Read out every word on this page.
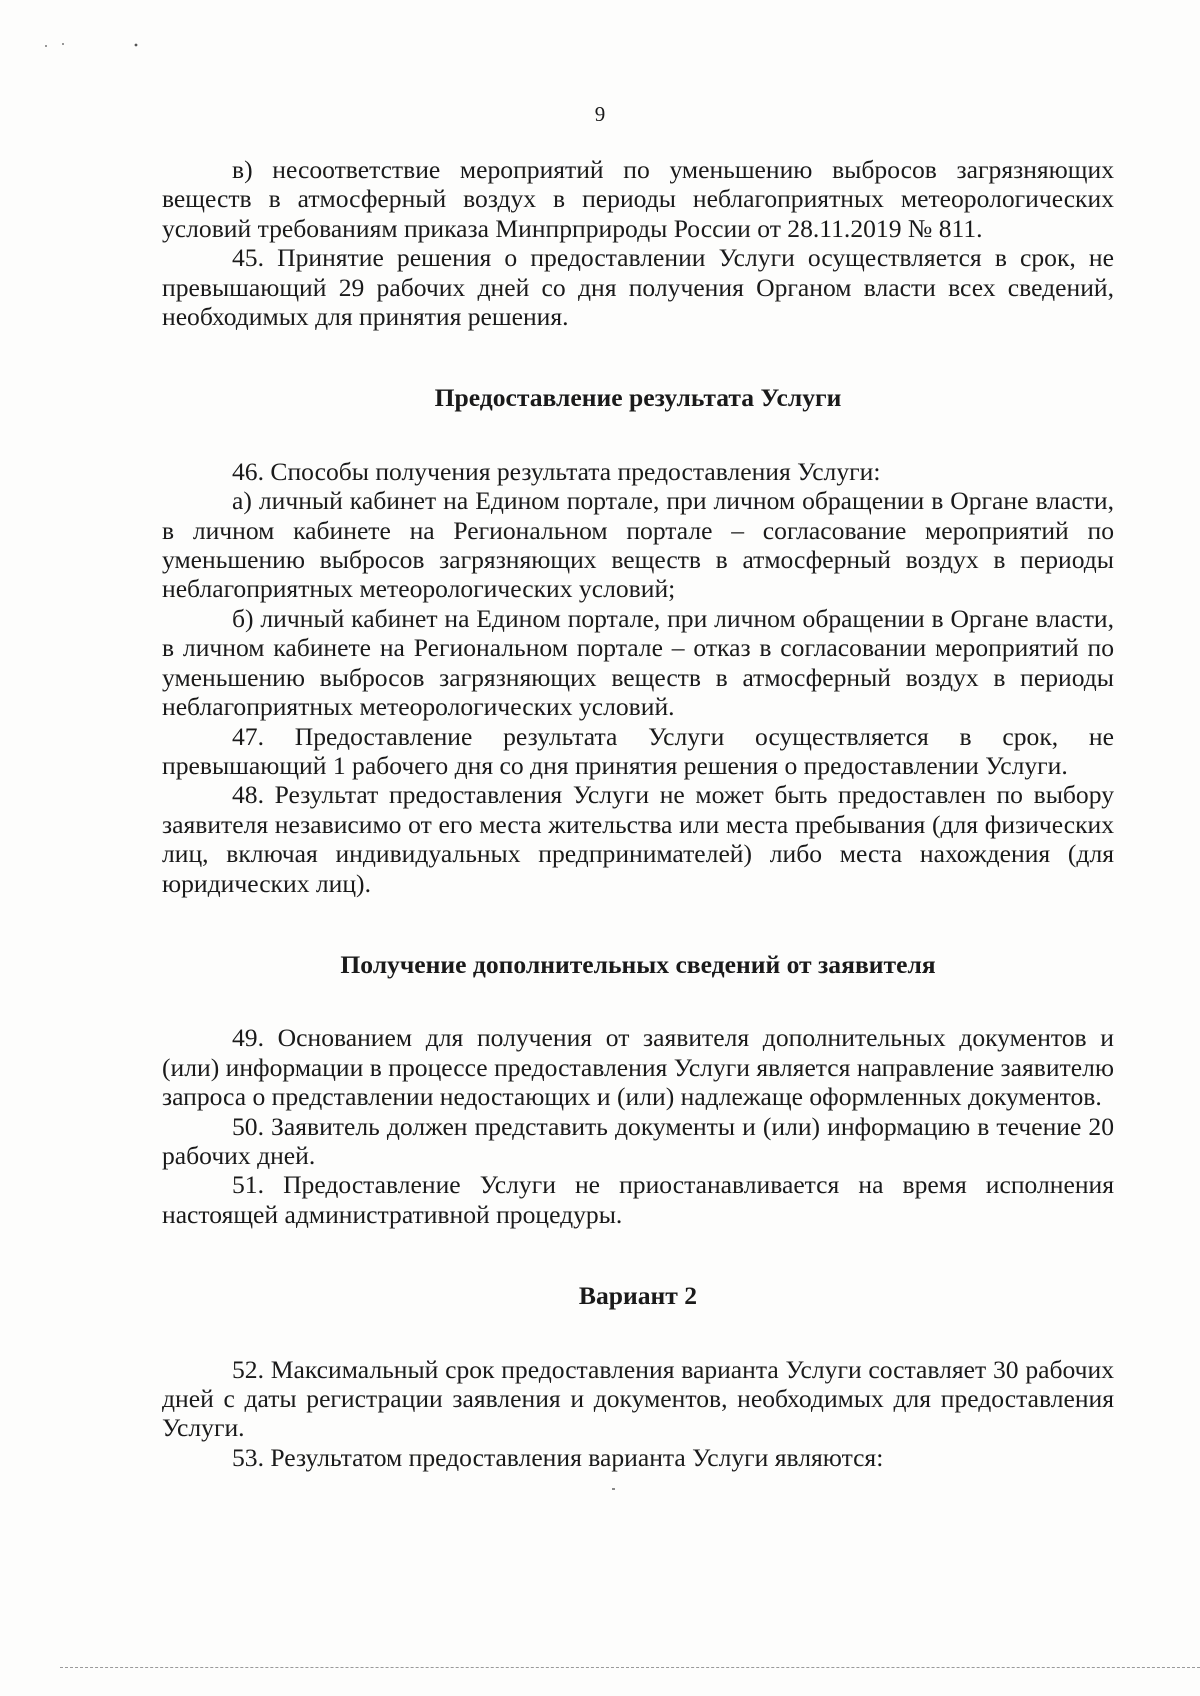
9

в) несоответствие мероприятий по уменьшению выбросов загрязняющих веществ в атмосферный воздух в периоды неблагоприятных метеорологических условий требованиям приказа Минпрприроды России от 28.11.2019 № 811.

45. Принятие решения о предоставлении Услуги осуществляется в срок, не превышающий 29 рабочих дней со дня получения Органом власти всех сведений, необходимых для принятия решения.

Предоставление результата Услуги

46. Способы получения результата предоставления Услуги:

а) личный кабинет на Едином портале, при личном обращении в Органе власти, в личном кабинете на Региональном портале – согласование мероприятий по уменьшению выбросов загрязняющих веществ в атмосферный воздух в периоды неблагоприятных метеорологических условий;

б) личный кабинет на Едином портале, при личном обращении в Органе власти, в личном кабинете на Региональном портале – отказ в согласовании мероприятий по уменьшению выбросов загрязняющих веществ в атмосферный воздух в периоды неблагоприятных метеорологических условий.

47. Предоставление результата Услуги осуществляется в срок, не превышающий 1 рабочего дня со дня принятия решения о предоставлении Услуги.

48. Результат предоставления Услуги не может быть предоставлен по выбору заявителя независимо от его места жительства или места пребывания (для физических лиц, включая индивидуальных предпринимателей) либо места нахождения (для юридических лиц).

Получение дополнительных сведений от заявителя

49. Основанием для получения от заявителя дополнительных документов и (или) информации в процессе предоставления Услуги является направление заявителю запроса о представлении недостающих и (или) надлежаще оформленных документов.

50. Заявитель должен представить документы и (или) информацию в течение 20 рабочих дней.

51. Предоставление Услуги не приостанавливается на время исполнения настоящей административной процедуры.

Вариант 2

52. Максимальный срок предоставления варианта Услуги составляет 30 рабочих дней с даты регистрации заявления и документов, необходимых для предоставления Услуги.

53. Результатом предоставления варианта Услуги являются:
